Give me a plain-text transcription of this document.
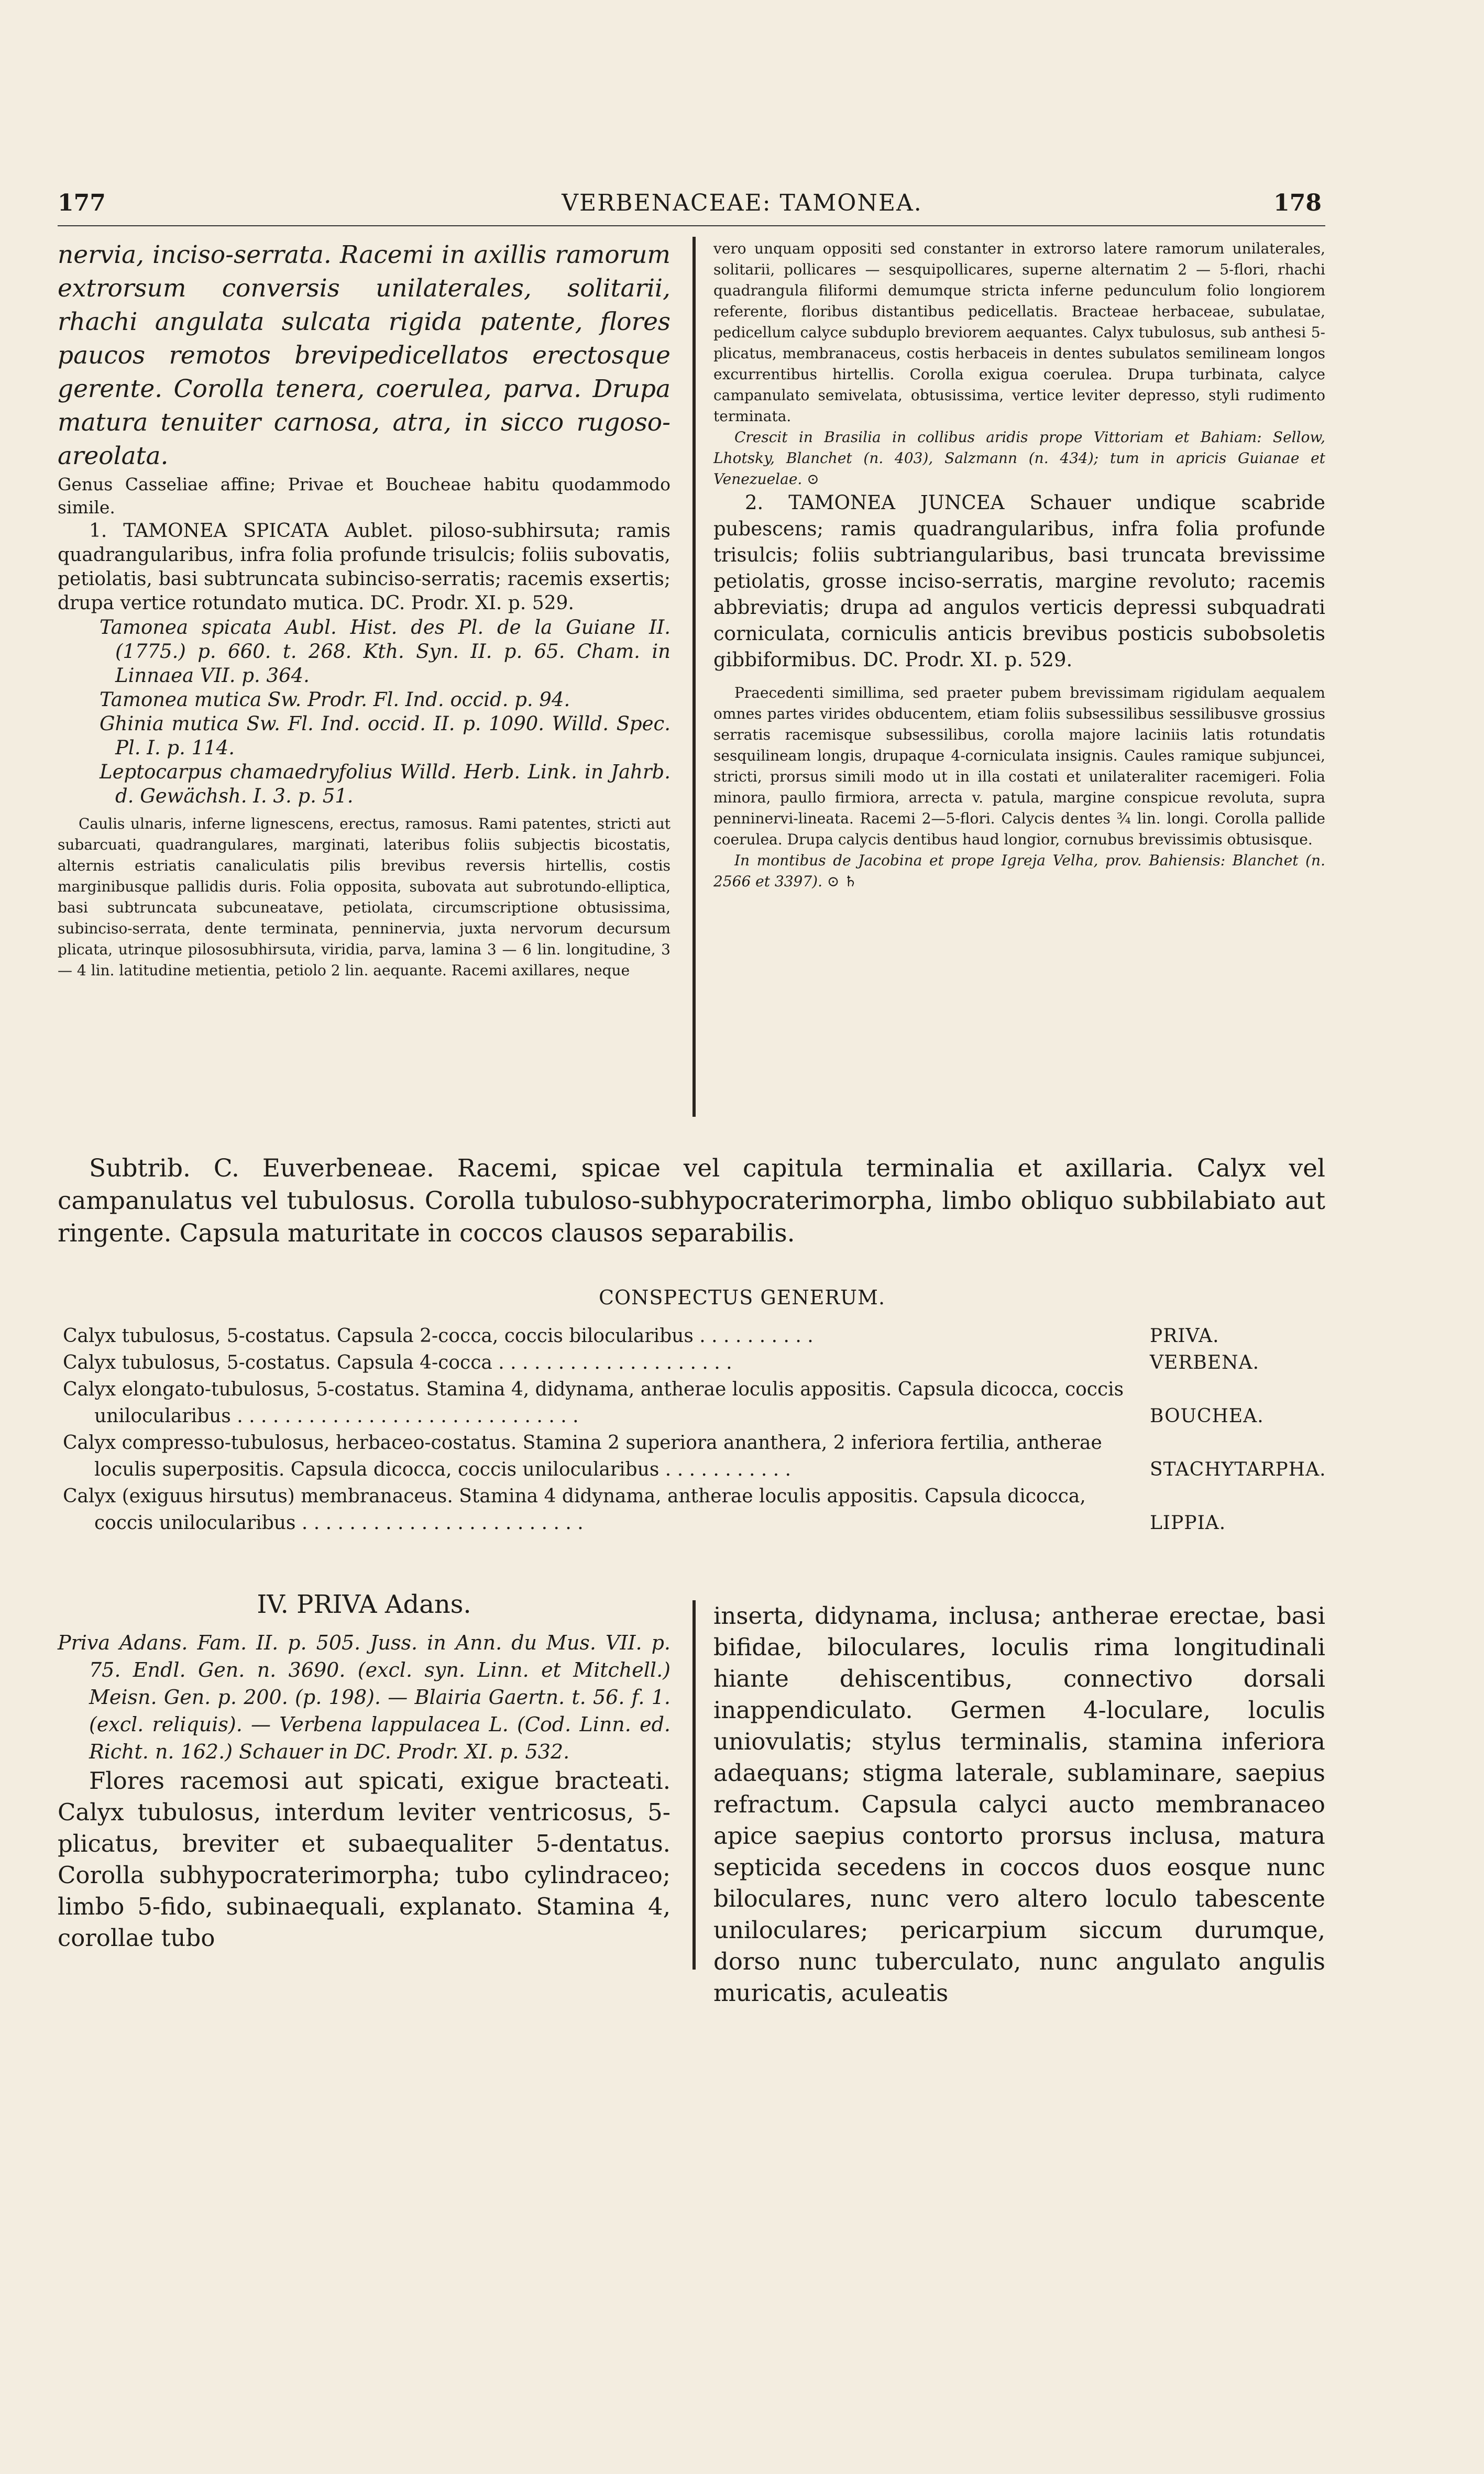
177	VERBENACEAE: TAMONEA.	178

nervia, inciso-serrata. Racemi in axillis ramorum extrorsum conversis unilaterales, solitarii, rhachi angulata sulcata rigida patente, flores paucos remotos brevipedicellatos erectosque gerente. Corolla tenera, coerulea, parva. Drupa matura tenuiter carnosa, atra, in sicco rugoso-areolata.

Genus Casseliae affine; Privae et Boucheae habitu quodammodo simile.

1. TAMONEA SPICATA Aublet. piloso-subhirsuta; ramis quadrangularibus, infra folia profunde trisulcis; foliis subovatis, petiolatis, basi subtruncata subinciso-serratis; racemis exsertis; drupa vertice rotundato mutica. DC. Prodr. XI. p. 529.

Tamonea spicata Aubl. Hist. des Pl. de la Guiane II. (1775.) p. 660. t. 268. Kth. Syn. II. p. 65. Cham. in Linnaea VII. p. 364.

Tamonea mutica Sw. Prodr. Fl. Ind. occid. p. 94.

Ghinia mutica Sw. Fl. Ind. occid. II. p. 1090. Willd. Spec. Pl. I. p. 114.

Leptocarpus chamaedryfolius Willd. Herb. Link. in Jahrb. d. Gewächsh. I. 3. p. 51.

Caulis ulnaris, inferne lignescens, erectus, ramosus. Rami patentes, stricti aut subarcuati, quadrangulares, marginati, lateribus foliis subjectis bicostatis, alternis estriatis canaliculatis pilis brevibus reversis hirtellis, costis marginibusque pallidis duris. Folia opposita, subovata aut subrotundo-elliptica, basi subtruncata subcuneatave, petiolata, circumscriptione obtusissima, subinciso-serrata, dente terminata, penninervia, juxta nervorum decursum plicata, utrinque pilososubhirsuta, viridia, parva, lamina 3 — 6 lin. longitudine, 3 — 4 lin. latitudine metientia, petiolo 2 lin. aequante. Racemi axillares, neque

vero unquam oppositi sed constanter in extrorso latere ramorum unilaterales, solitarii, pollicares — sesquipollicares, superne alternatim 2 — 5-flori, rhachi quadrangula filiformi demumque stricta inferne pedunculum folio longiorem referente, floribus distantibus pedicellatis. Bracteae herbaceae, subulatae, pedicellum calyce subduplo breviorem aequantes. Calyx tubulosus, sub anthesi 5-plicatus, membranaceus, costis herbaceis in dentes subulatos semilineam longos excurrentibus hirtellis. Corolla exigua coerulea. Drupa turbinata, calyce campanulato semivelata, obtusissima, vertice leviter depresso, styli rudimento terminata.

Crescit in Brasilia in collibus aridis prope Vittoriam et Bahiam: Sellow, Lhotsky, Blanchet (n. 403), Salzmann (n. 434); tum in apricis Guianae et Venezuelae. ⊙

2. TAMONEA JUNCEA Schauer undique scabride pubescens; ramis quadrangularibus, infra folia profunde trisulcis; foliis subtriangularibus, basi truncata brevissime petiolatis, grosse inciso-serratis, margine revoluto; racemis abbreviatis; drupa ad angulos verticis depressi subquadrati corniculata, corniculis anticis brevibus posticis subobsoletis gibbiformibus. DC. Prodr. XI. p. 529.

Praecedenti simillima, sed praeter pubem brevissimam rigidulam aequalem omnes partes virides obducentem, etiam foliis subsessilibus sessilibusve grossius serratis racemisque subsessilibus, corolla majore laciniis latis rotundatis sesquilineam longis, drupaque 4-corniculata insignis. Caules ramique subjuncei, stricti, prorsus simili modo ut in illa costati et unilateraliter racemigeri. Folia minora, paullo firmiora, arrecta v. patula, margine conspicue revoluta, supra penninervi-lineata. Racemi 2—5-flori. Calycis dentes ¾ lin. longi. Corolla pallide coerulea. Drupa calycis dentibus haud longior, cornubus brevissimis obtusisque.

In montibus de Jacobina et prope Igreja Velha, prov. Bahiensis: Blanchet (n. 2566 et 3397). ⊙ ♄

Subtrib. C. Euverbeneae. Racemi, spicae vel capitula terminalia et axillaria. Calyx vel campanulatus vel tubulosus. Corolla tubuloso-subhypocraterimorpha, limbo obliquo subbilabiato aut ringente. Capsula maturitate in coccos clausos separabilis.
CONSPECTUS GENERUM.
Calyx tubulosus, 5-costatus. Capsula 2-cocca, coccis bilocularibus . . . . . . . . . .	PRIVA.
Calyx tubulosus, 5-costatus. Capsula 4-cocca . . . . . . . . . . . . . . . . . . . .	VERBENA.
Calyx elongato-tubulosus, 5-costatus. Stamina 4, didynama, antherae loculis appositis. Capsula dicocca, coccis unilocularibus . . . . . . . . . . . . . . . . . . . . . . . . . . . . .	BOUCHEA.
Calyx compresso-tubulosus, herbaceo-costatus. Stamina 2 superiora ananthera, 2 inferiora fertilia, antherae loculis superpositis. Capsula dicocca, coccis unilocularibus . . . . . . . . . . .	STACHYTARPHA.
Calyx (exiguus hirsutus) membranaceus. Stamina 4 didynama, antherae loculis appositis. Capsula dicocca, coccis unilocularibus . . . . . . . . . . . . . . . . . . . . . . . .	LIPPIA.
IV. PRIVA Adans.

Priva Adans. Fam. II. p. 505. Juss. in Ann. du Mus. VII. p. 75. Endl. Gen. n. 3690. (excl. syn. Linn. et Mitchell.) Meisn. Gen. p. 200. (p. 198). — Blairia Gaertn. t. 56. f. 1. (excl. reliquis). — Verbena lappulacea L. (Cod. Linn. ed. Richt. n. 162.) Schauer in DC. Prodr. XI. p. 532.

Flores racemosi aut spicati, exigue bracteati. Calyx tubulosus, interdum leviter ventricosus, 5-plicatus, breviter et subaequaliter 5-dentatus. Corolla subhypocraterimorpha; tubo cylindraceo; limbo 5-fido, subinaequali, explanato. Stamina 4, corollae tubo

inserta, didynama, inclusa; antherae erectae, basi bifidae, biloculares, loculis rima longitudinali hiante dehiscentibus, connectivo dorsali inappendiculato. Germen 4-loculare, loculis uniovulatis; stylus terminalis, stamina inferiora adaequans; stigma laterale, sublaminare, saepius refractum. Capsula calyci aucto membranaceo apice saepius contorto prorsus inclusa, matura septicida secedens in coccos duos eosque nunc biloculares, nunc vero altero loculo tabescente uniloculares; pericarpium siccum durumque, dorso nunc tuberculato, nunc angulato angulis muricatis, aculeatis
